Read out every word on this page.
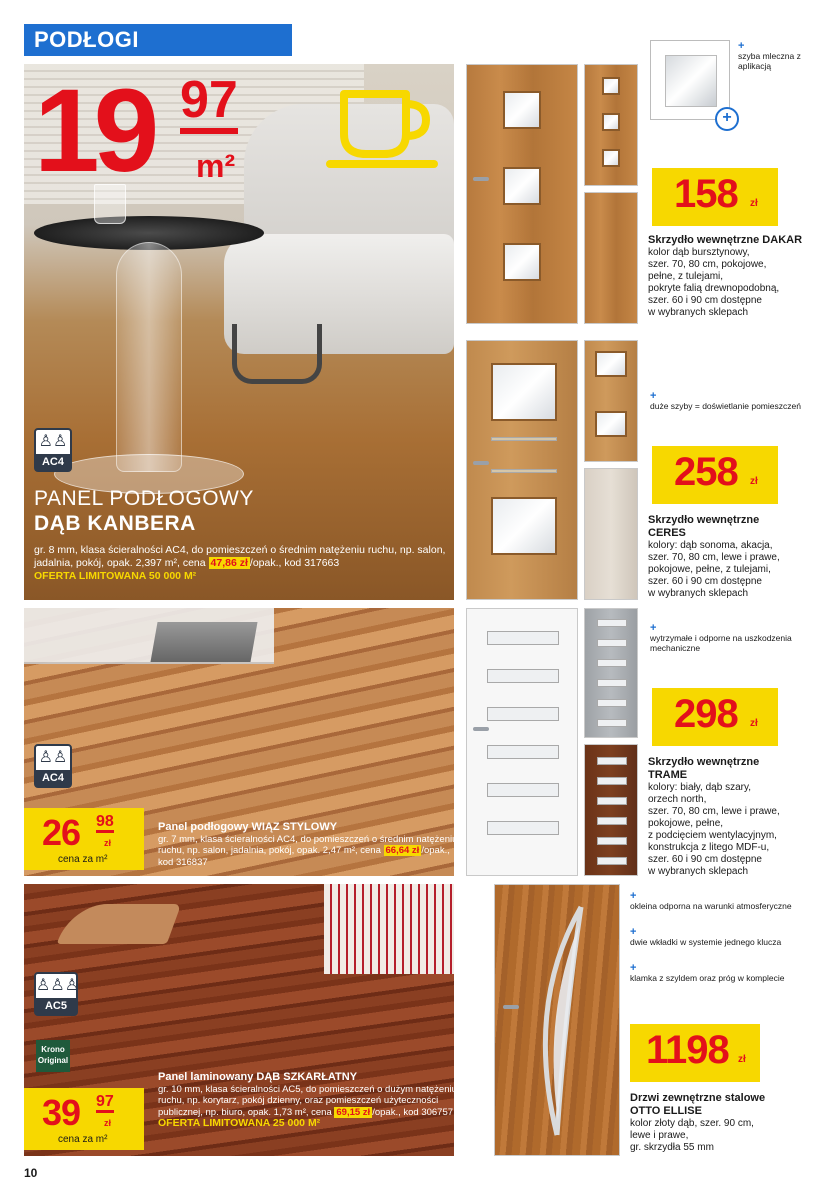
PODŁOGI
19 97
m²
♙♙
AC4
PANEL PODŁOGOWY
DĄB KANBERA
gr. 8 mm, klasa ścieralności AC4, do pomieszczeń o średnim natężeniu ruchu, np. salon, jadalnia, pokój, opak. 2,397 m², cena 47,86 zł /opak., kod 317663
OFERTA LIMITOWANA 50 000 M²
♙♙
AC4
26 98
zł
cena za m²
Panel podłogowy WIĄZ STYLOWY
gr. 7 mm, klasa ścieralności AC4, do pomieszczeń o średnim natężeniu ruchu, np. salon, jadalnia, pokój, opak. 2,47 m², cena 66,64 zł /opak., kod 316837
♙♙♙
AC5
Krono
Original
39 97
zł
cena za m²
Panel laminowany DĄB SZKARŁATNY
gr. 10 mm, klasa ścieralności AC5, do pomieszczeń o dużym natężeniu ruchu, np. korytarz, pokój dzienny, oraz pomieszczeń użyteczności publicznej, np. biuro, opak. 1,73 m², cena 69,15 zł /opak., kod 306757
OFERTA LIMITOWANA 25 000 M²
+
+
szyba mleczna z aplikacją
158 zł
Skrzydło wewnętrzne DAKAR
kolor dąb bursztynowy,
szer. 70, 80 cm, pokojowe,
pełne, z tulejami,
pokryte falią drewnopodobną,
szer. 60 i 90 cm dostępne
w wybranych sklepach
+
duże szyby = doświetlanie pomieszczeń
258 zł
Skrzydło wewnętrzne
CERES
kolory: dąb sonoma, akacja,
szer. 70, 80 cm, lewe i prawe,
pokojowe, pełne, z tulejami,
szer. 60 i 90 cm dostępne
w wybranych sklepach
+
wytrzymałe i odporne na uszkodzenia mechaniczne
298 zł
Skrzydło wewnętrzne
TRAME
kolory: biały, dąb szary,
orzech north,
szer. 70, 80 cm, lewe i prawe,
pokojowe, pełne,
z podcięciem wentylacyjnym,
konstrukcja z litego MDF-u,
szer. 60 i 90 cm dostępne
w wybranych sklepach
+
okleina odporna na warunki atmosferyczne
+
dwie wkładki w systemie jednego klucza
+
klamka z szyldem oraz próg w komplecie
1198 zł
Drzwi zewnętrzne stalowe
OTTO ELLISE
kolor złoty dąb, szer. 90 cm,
lewe i prawe,
gr. skrzydła 55 mm
10
